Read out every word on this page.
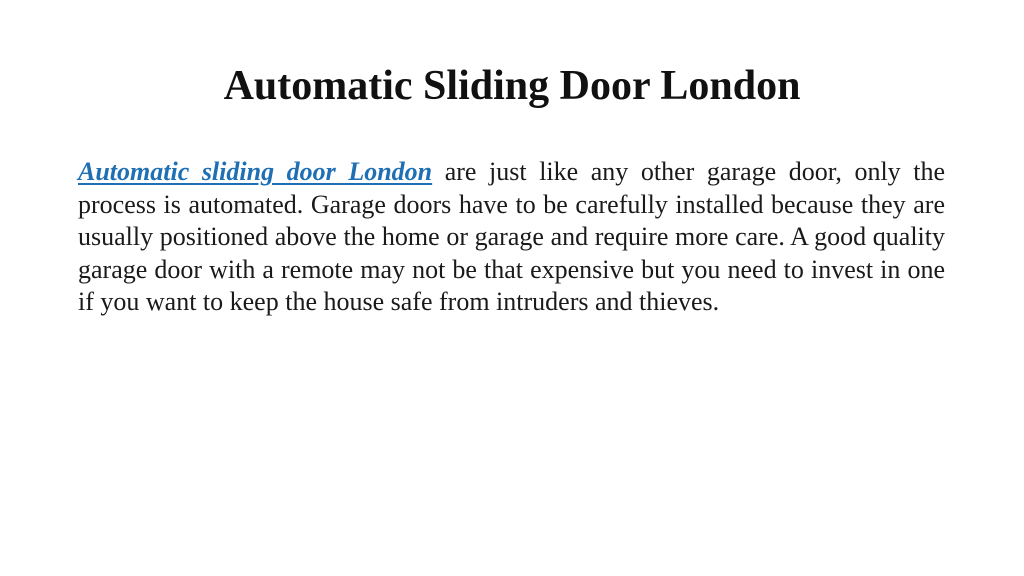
Automatic Sliding Door London

Automatic sliding door London are just like any other garage door, only the process is automated. Garage doors have to be carefully installed because they are usually positioned above the home or garage and require more care. A good quality garage door with a remote may not be that expensive but you need to invest in one if you want to keep the house safe from intruders and thieves.
